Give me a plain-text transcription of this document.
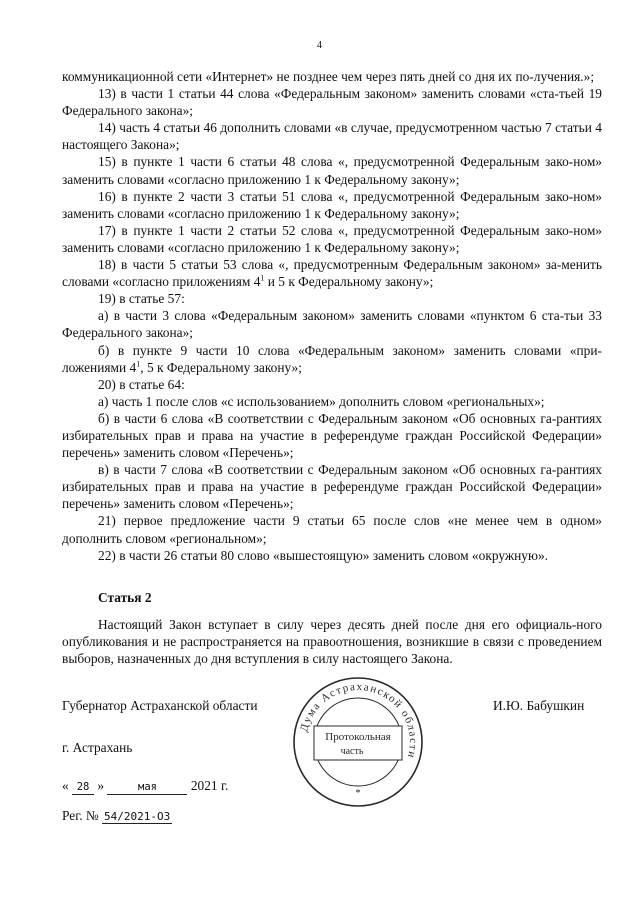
4

коммуникационной сети «Интернет» не позднее чем через пять дней со дня их по-лучения.»;

13) в части 1 статьи 44 слова «Федеральным законом» заменить словами «ста-тьей 19 Федерального закона»;

14) часть 4 статьи 46 дополнить словами «в случае, предусмотренном частью 7 статьи 4 настоящего Закона»;

15) в пункте 1 части 6 статьи 48 слова «, предусмотренной Федеральным зако-ном» заменить словами «согласно приложению 1 к Федеральному закону»;

16) в пункте 2 части 3 статьи 51 слова «, предусмотренной Федеральным зако-ном» заменить словами «согласно приложению 1 к Федеральному закону»;

17) в пункте 1 части 2 статьи 52 слова «, предусмотренной Федеральным зако-ном» заменить словами «согласно приложению 1 к Федеральному закону»;

18) в части 5 статьи 53 слова «, предусмотренным Федеральным законом» за-менить словами «согласно приложениям $4^1$ и 5 к Федеральному закону»;

19) в статье 57:

а) в части 3 слова «Федеральным законом» заменить словами «пунктом 6 ста-тьи 33 Федерального закона»;

б) в пункте 9 части 10 слова «Федеральным законом» заменить словами «при-ложениями $4^1$, 5 к Федеральному закону»;

20) в статье 64:

а) часть 1 после слов «с использованием» дополнить словом «региональных»;

б) в части 6 слова «В соответствии с Федеральным законом «Об основных га-рантиях избирательных прав и права на участие в референдуме граждан Российской Федерации» перечень» заменить словом «Перечень»;

в) в части 7 слова «В соответствии с Федеральным законом «Об основных га-рантиях избирательных прав и права на участие в референдуме граждан Российской Федерации» перечень» заменить словом «Перечень»;

21) первое предложение части 9 статьи 65 после слов «не менее чем в одном» дополнить словом «региональном»;

22) в части 26 статьи 80 слово «вышестоящую» заменить словом «окружную».

Статья 2

Настоящий Закон вступает в силу через десять дней после дня его официаль-ного опубликования и не распространяется на правоотношения, возникшие в связи с проведением выборов, назначенных до дня вступления в силу настоящего Закона.

Губернатор Астраханской области	И.Ю. Бабушкин
Дума Астраханской области
Протокольная
часть
*
г. Астрахань
« 28 »	мая	2021 г.
Рег. № 54/2021-ОЗ
